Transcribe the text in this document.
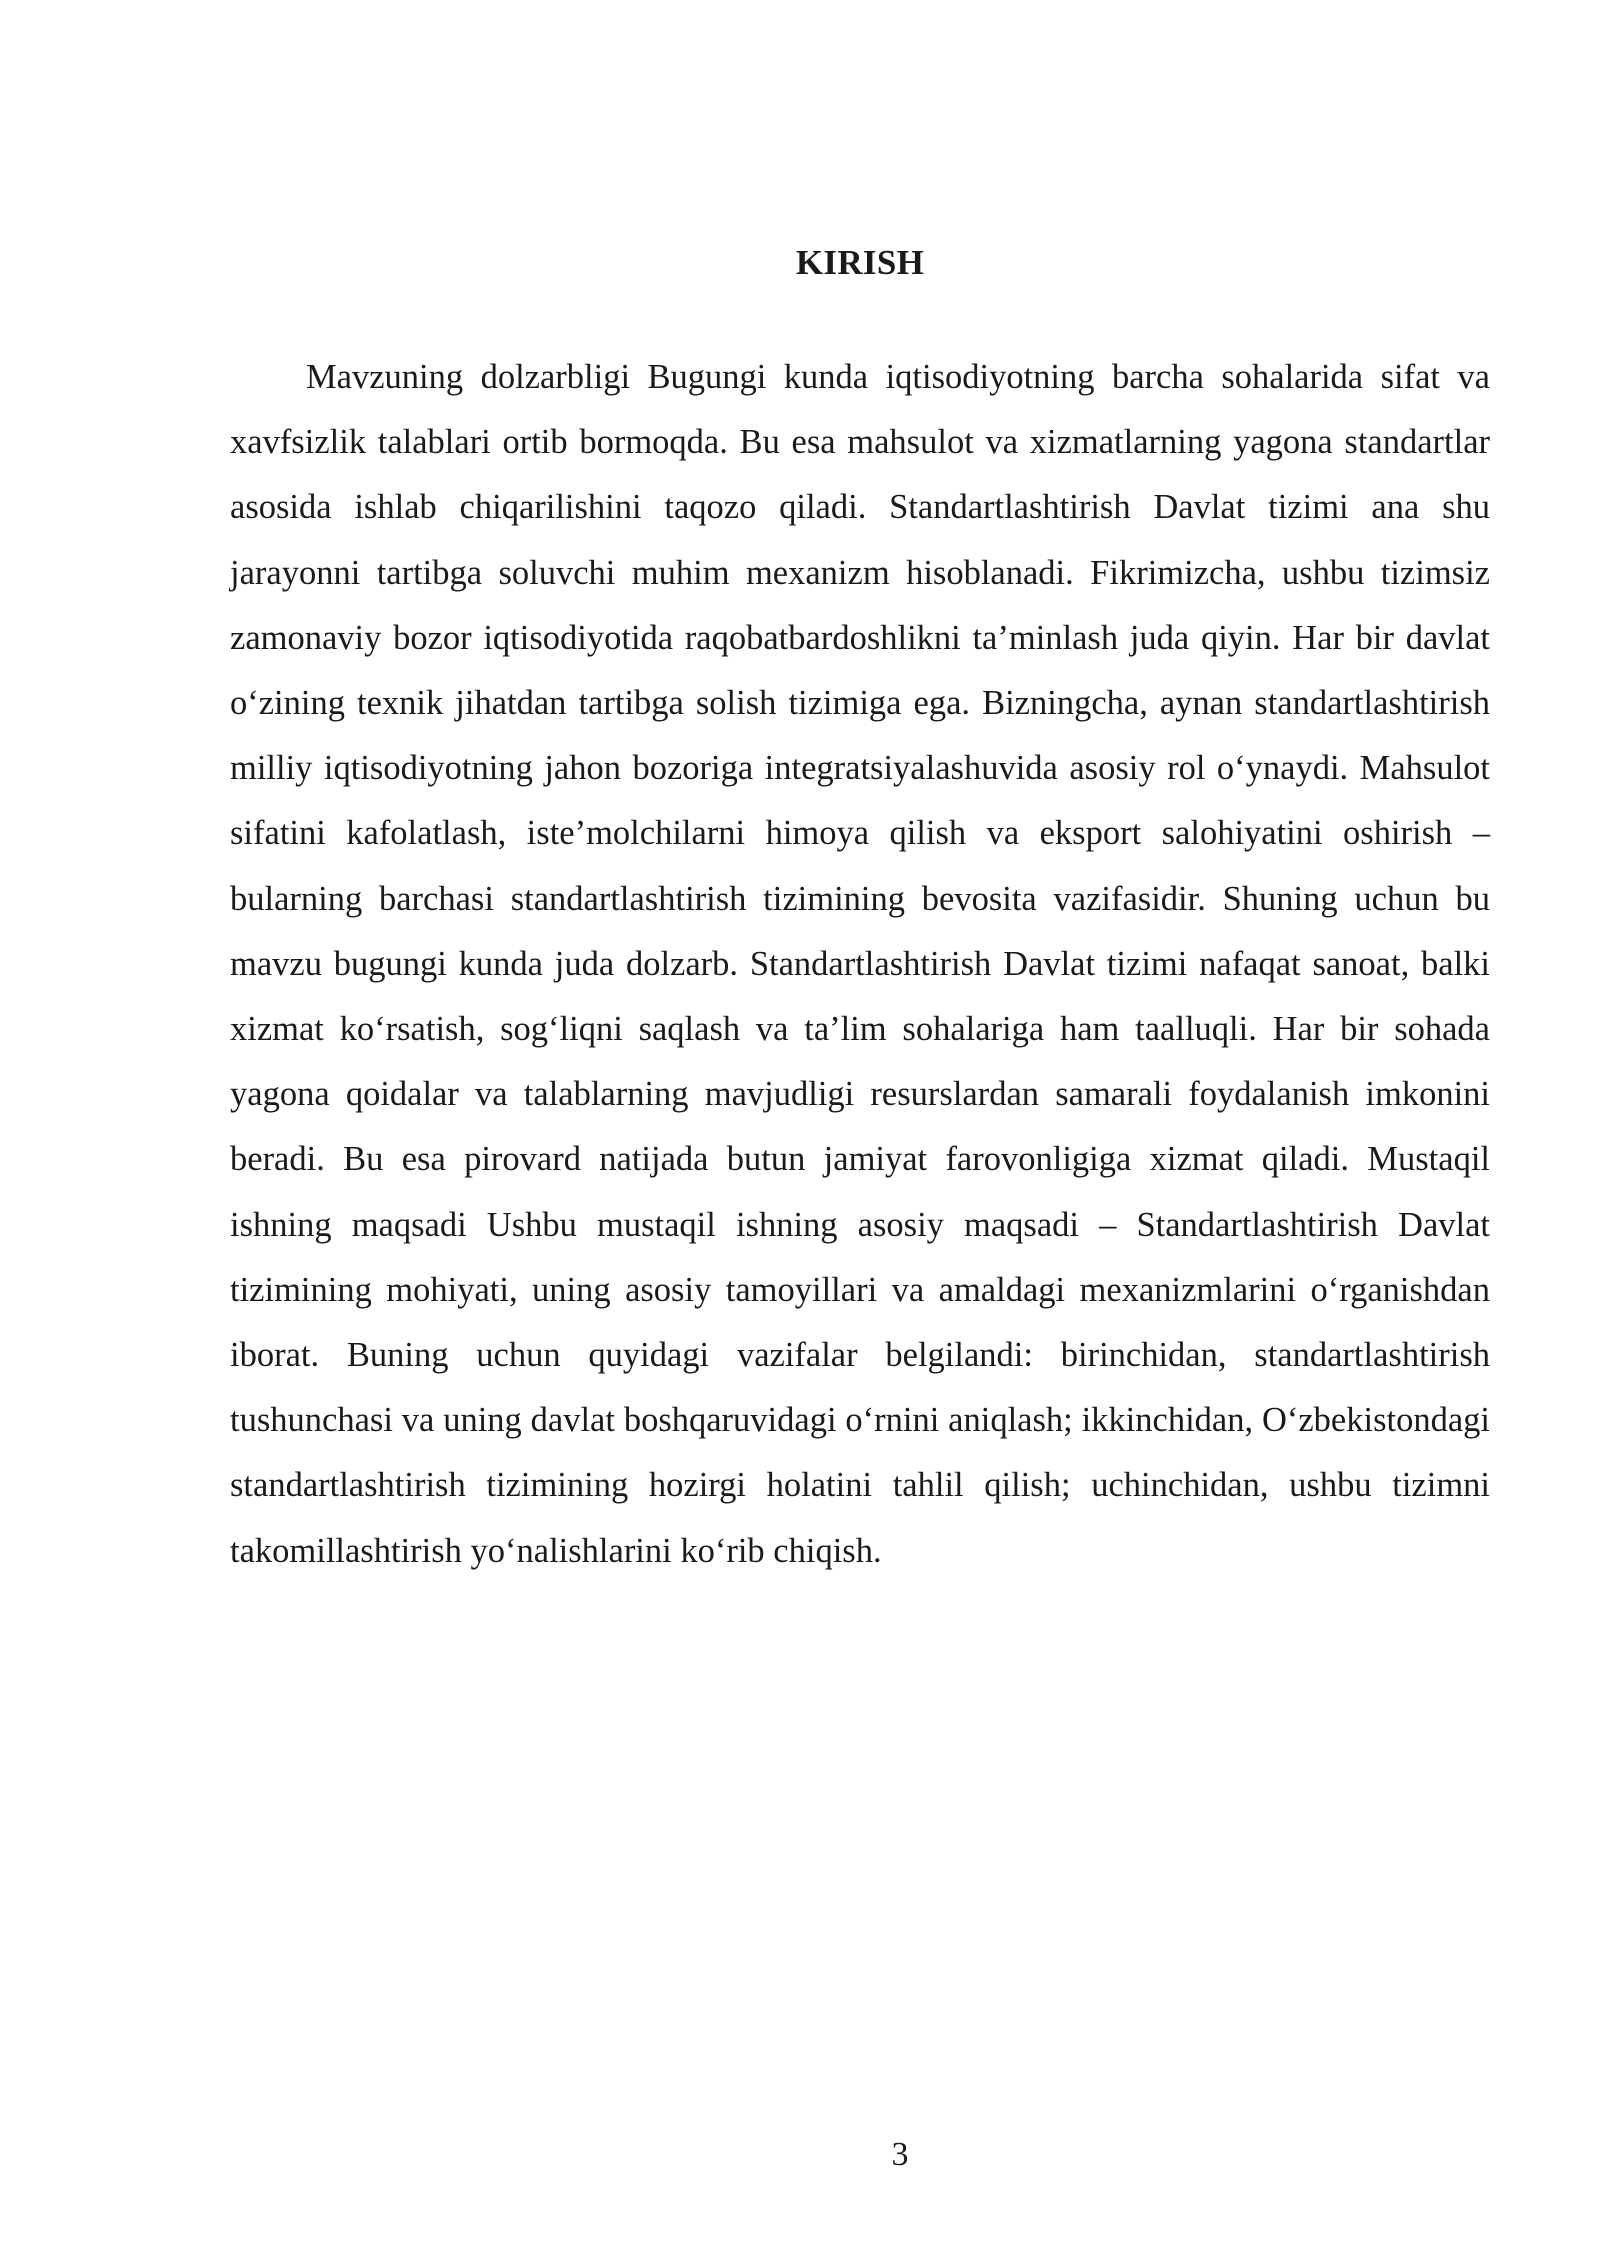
KIRISH

Mavzuning dolzarbligi Bugungi kunda iqtisodiyotning barcha sohalarida sifat va xavfsizlik talablari ortib bormoqda. Bu esa mahsulot va xizmatlarning yagona standartlar asosida ishlab chiqarilishini taqozo qiladi. Standartlashtirish Davlat tizimi ana shu jarayonni tartibga soluvchi muhim mexanizm hisoblanadi. Fikrimizcha, ushbu tizimsiz zamonaviy bozor iqtisodiyotida raqobatbardoshlikni ta’minlash juda qiyin. Har bir davlat o‘zining texnik jihatdan tartibga solish tizimiga ega. Bizningcha, aynan standartlashtirish milliy iqtisodiyotning jahon bozoriga integratsiyalashuvida asosiy rol o‘ynaydi. Mahsulot sifatini kafolatlash, iste’molchilarni himoya qilish va eksport salohiyatini oshirish – bularning barchasi standartlashtirish tizimining bevosita vazifasidir. Shuning uchun bu mavzu bugungi kunda juda dolzarb. Standartlashtirish Davlat tizimi nafaqat sanoat, balki xizmat ko‘rsatish, sog‘liqni saqlash va ta’lim sohalariga ham taalluqli. Har bir sohada yagona qoidalar va talablarning mavjudligi resurslardan samarali foydalanish imkonini beradi. Bu esa pirovard natijada butun jamiyat farovonligiga xizmat qiladi. Mustaqil ishning maqsadi Ushbu mustaqil ishning asosiy maqsadi – Standartlashtirish Davlat tizimining mohiyati, uning asosiy tamoyillari va amaldagi mexanizmlarini o‘rganishdan iborat. Buning uchun quyidagi vazifalar belgilandi: birinchidan, standartlashtirish tushunchasi va uning davlat boshqaruvidagi o‘rnini aniqlash; ikkinchidan, O‘zbekistondagi standartlashtirish tizimining hozirgi holatini tahlil qilish; uchinchidan, ushbu tizimni takomillashtirish yo‘nalishlarini ko‘rib chiqish.

3
